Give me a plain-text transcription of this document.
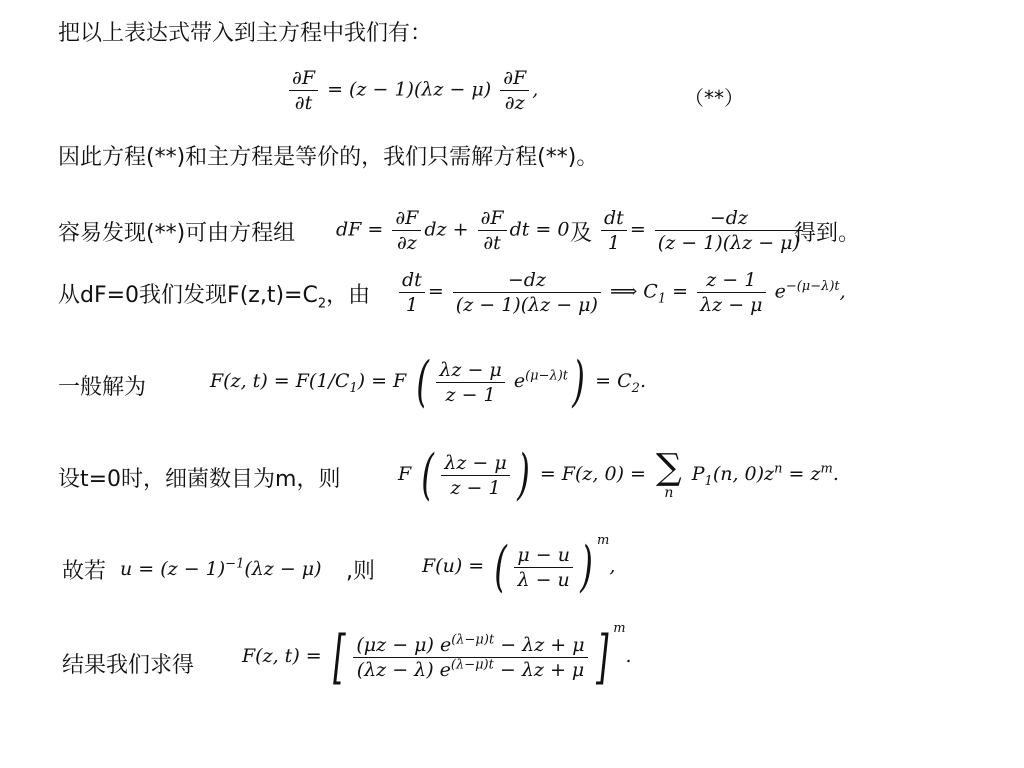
把以上表达式带入到主方程中我们有：
$\frac{\partial F}{\partial t} = (z - 1)(\lambda z - \mu) \frac{\partial F}{\partial z}$ ,	（**）
因此方程(**)和主方程是等价的，我们只需解方程(**)。
容易发现(**)可由方程组 dF = $\frac{\partial F}{\partial z}$ dz + $\frac{\partial F}{\partial t}$ dt = 0 及 $\frac{dt}{1} = \frac{-dz}{(z - 1)(\lambda z - \mu)}$
得到。
从dF=0我们发现$F(z,t)=C_2$，由 $\frac{dt}{1} = \frac{-dz}{(z - 1)(\lambda z - \mu)}$ ⟹ $C_1 = \frac{z - 1}{\lambda z - \mu} e^{-(\mu-\lambda)t}$,
一般解为	F(z, $t) = F(1/C_1) = F$ ( $\frac{\lambda z - \mu}{z - 1} e^{(\mu-\lambda)t}) = C_2$.
设t=0时，细菌数目为m，则	F ( $\frac{\lambda z - \mu}{z - 1}$ ) = F(z, 0) = ∑
n
$P_1(n$, $0)z^n = z^m$.
故若 $u = (z - 1)^{-1}(\lambda z - \mu)$ ,则 F(u) = ( $\frac{\mu - u}{\lambda - u}$ ) $^m$,
结果我们求得	F(z, t) = [ $\frac{(\mu z - \mu) e^{(\lambda-\mu)t} - \lambda z + \mu}{(\lambda z - \lambda) e^{(\lambda-\mu)t} - \lambda z + \mu}$ ] $^m$.
